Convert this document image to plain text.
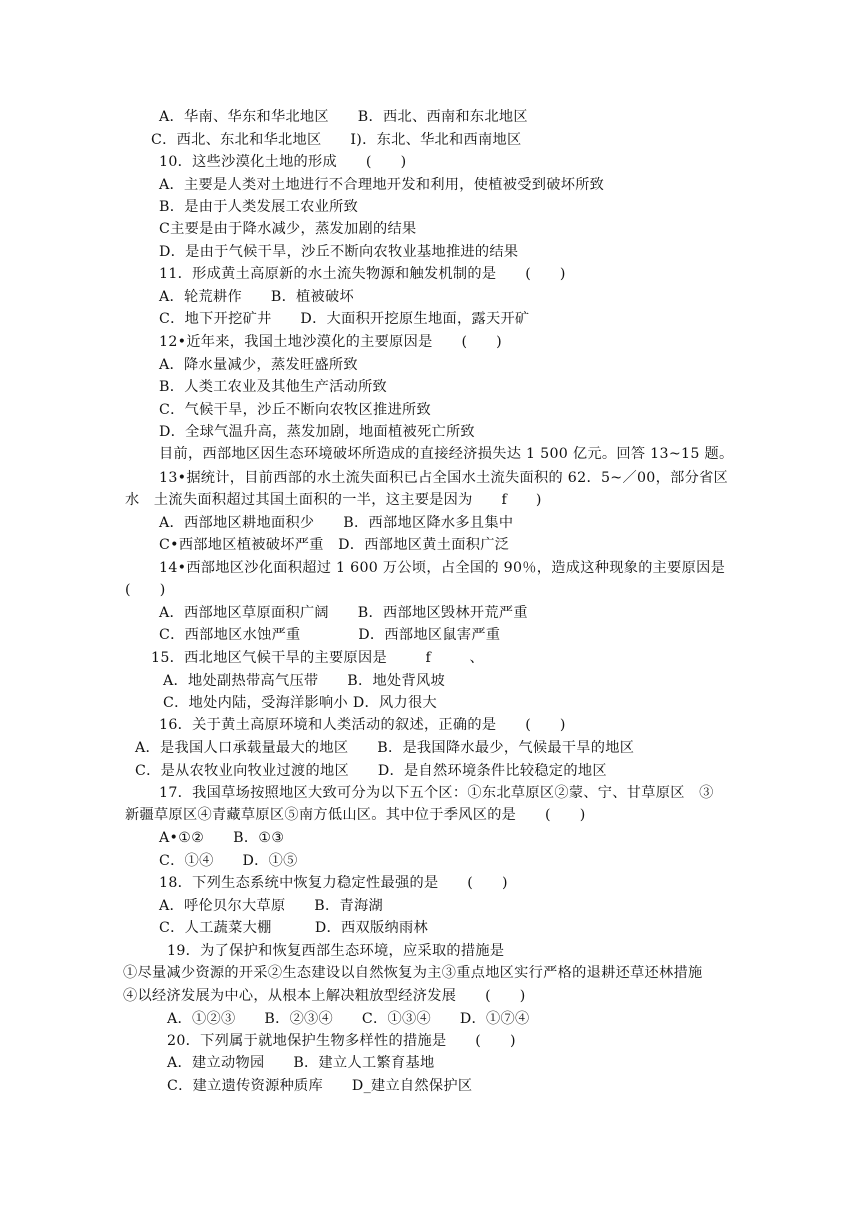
A．华南、华东和华北地区      B．西北、西南和东北地区
C．西北、东北和华北地区      I)．东北、华北和西南地区
10．这些沙漠化土地的形成      (      )
A．主要是人类对土地进行不合理地开发和利用，使植被受到破坏所致
B．是由于人类发展工农业所致
C主要是由于降水减少，蒸发加剧的结果
D．是由于气候干旱，沙丘不断向农牧业基地推进的结果
11．形成黄土高原新的水土流失物源和触发机制的是      (      )
A．轮荒耕作      B．植被破坏
C．地下开挖矿井      D．大面积开挖原生地面，露天开矿
12•近年来，我国土地沙漠化的主要原因是      (      )
A．降水量减少，蒸发旺盛所致
B．人类工农业及其他生产活动所致
C．气候干旱，沙丘不断向农牧区推进所致
D．全球气温升高，蒸发加剧，地面植被死亡所致
目前，西部地区因生态环境破坏所造成的直接经济损失达 1 500 亿元。回答 13~15 题。
13•据统计，目前西部的水土流失面积已占全国水土流失面积的 62．5~／00，部分省区
水   土流失面积超过其国土面积的一半，这主要是因为      f      )
A．西部地区耕地面积少      B．西部地区降水多且集中
C•西部地区植被破坏严重   D．西部地区黄土面积广泛
14•西部地区沙化面积超过 1 600 万公顷，占全国的 90％，造成这种现象的主要原因是
(      )
A．西部地区草原面积广阔      B．西部地区毁林开荒严重
C．西部地区水蚀严重            D．西部地区鼠害严重
15．西北地区气候干旱的主要原因是        f        、
A．地处副热带高气压带      B．地处背风坡
C．地处内陆，受海洋影响小 D．风力很大
16．关于黄土高原环境和人类活动的叙述，正确的是      (      )
A．是我国人口承载量最大的地区      B．是我国降水最少，气候最干旱的地区
C．是从农牧业向牧业过渡的地区      D．是自然环境条件比较稳定的地区
17．我国草场按照地区大致可分为以下五个区：①东北草原区②蒙、宁、甘草原区   ③
新疆草原区④青藏草原区⑤南方低山区。其中位于季风区的是      (      )
A•①②      B．①③
C．①④      D．①⑤
18．下列生态系统中恢复力稳定性最强的是      (      )
A．呼伦贝尔大草原      B．青海湖
C．人工蔬菜大棚         D．西双版纳雨林
19．为了保护和恢复西部生态环境，应采取的措施是
①尽量减少资源的开采②生态建设以自然恢复为主③重点地区实行严格的退耕还草还林措施
④以经济发展为中心，从根本上解决粗放型经济发展      (      )
A．①②③      B．②③④      C．①③④      D．①⑦④
20．下列属于就地保护生物多样性的措施是      (      )
A．建立动物园      B．建立人工繁育基地
C．建立遗传资源种质库      D_建立自然保护区
